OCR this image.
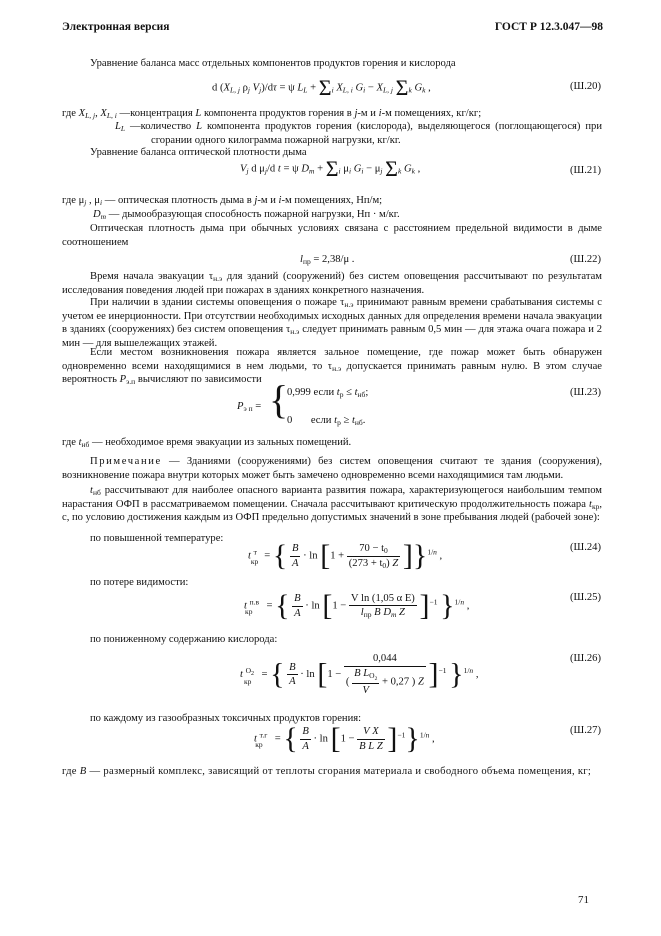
Электронная версия	ГОСТ Р 12.3.047—98
Уравнение баланса масс отдельных компонентов продуктов горения и кислорода
d ($X_{L, j}$ $\rho_j$ $V_j)/d\tau = \psi$ $L_L + \Sigma_i$ $X_{L, i}$ $G_i - X_{L, j}$ $\Sigma_k$ $G_k$ ,	(Ш.20)
где $X_{L, j}$, $X_{L, i}$ —концентрация L компонента продуктов горения в j-м и i-м помещениях, кг/кг;
$L_L$ —количество L компонента продуктов горения (кислорода), выделяющегося (поглощающегося) при сгорании одного килограмма пожарной нагрузки, кг/кг.
Уравнение баланса оптической плотности дыма
$V_j$ d $\mu_j/d$ t = ψ $D_m + \Sigma_i$ $\mu_i$ $G_i - \mu_j$ $\Sigma_k$ $G_k$ ,	(Ш.21)
где $\mu_j$ , $\mu_i$ — оптическая плотность дыма в j-м и i-м помещениях, Нп/м;
$D_m$ — дымообразующая способность пожарной нагрузки, Нп · м/кг.
Оптическая плотность дыма при обычных условиях связана с расстоянием предельной видимости в дыме соотношением
$l_{пр} = 2,38/\mu$ .	(Ш.22)
Время начала эвакуации $\tau_{н.э}$ для зданий (сооружений) без систем оповещения рассчитывают по результатам исследования поведения людей при пожарах в зданиях конкретного назначения.
При наличии в здании системы оповещения о пожаре $\tau_{н.э}$ принимают равным времени срабатывания системы с учетом ее инерционности. При отсутствии необходимых исходных данных для определения времени начала эвакуации в зданиях (сооружениях) без систем оповещения $\tau_{н.э}$ следует принимать равным 0,5 мин — для этажа очага пожара и 2 мин — для вышележащих этажей.
Если местом возникновения пожара является зальное помещение, где пожар может быть обнаружен одновременно всеми находящимися в нем людьми, то $\tau_{н.э}$ допускается принимать равным нулю. В этом случае вероятность $P_{э.п}$ вычисляют по зависимости
$P_{э п}$ = {
0,999 если $t_р \le t_{нб}$;
0 если $t_р \ge t_{нб}$.
(Ш.23)
где $t_{нб}$ — необходимое время эвакуации из зальных помещений.
Примечание — Зданиями (сооружениями) без систем оповещения считают те здания (сооружения), возникновение пожара внутри которых может быть замечено одновременно всеми находящимися там людьми.
$t_{нб}$ рассчитывают для наиболее опасного варианта развития пожара, характеризующегося наибольшим темпом нарастания ОФП в рассматриваемом помещении. Сначала рассчитывают критическую продолжительность пожара $t_{кр}$, с, по условию достижения каждым из ОФП предельно допустимых значений в зоне пребывания людей (рабочей зоне):
по повышенной температуре:
t $^т_{кр}$= { $\frac{B}{A} \cdot \ln [1 + \frac{70 - t_0}{(273 + t_0) Z} ]\}^{1/n}$ ,
(Ш.24)
по потере видимости:
t $^{п.в}_{кр}$= { $\frac{B}{A} \cdot \ln [1 - \frac{\text{V ln (1,05 α E)}}{l_{пр} B D_m Z} ]^{-1}$ }$^{1/n}$ ,
(Ш.25)
по пониженному содержанию кислорода:
t $^{O_2}_{кр}$= { $\frac{B}{A} \cdot \ln [1 - \frac{0,044}{( \frac{B L_{O_2}}{V} + 0,27 ) Z} ]^{-1}$ }$^{1/n}$ ,
(Ш.26)
по каждому из газообразных токсичных продуктов горения:
t $^{т.г}_{кр}$= { $\frac{B}{A} \cdot \ln [1 - \frac{\text{V X}}{\text{B L Z}} ]^{-1}\}^{1/n}$ ,
(Ш.27)
где B — размерный комплекс, зависящий от теплоты сгорания материала и свободного объема помещения, кг;
71
